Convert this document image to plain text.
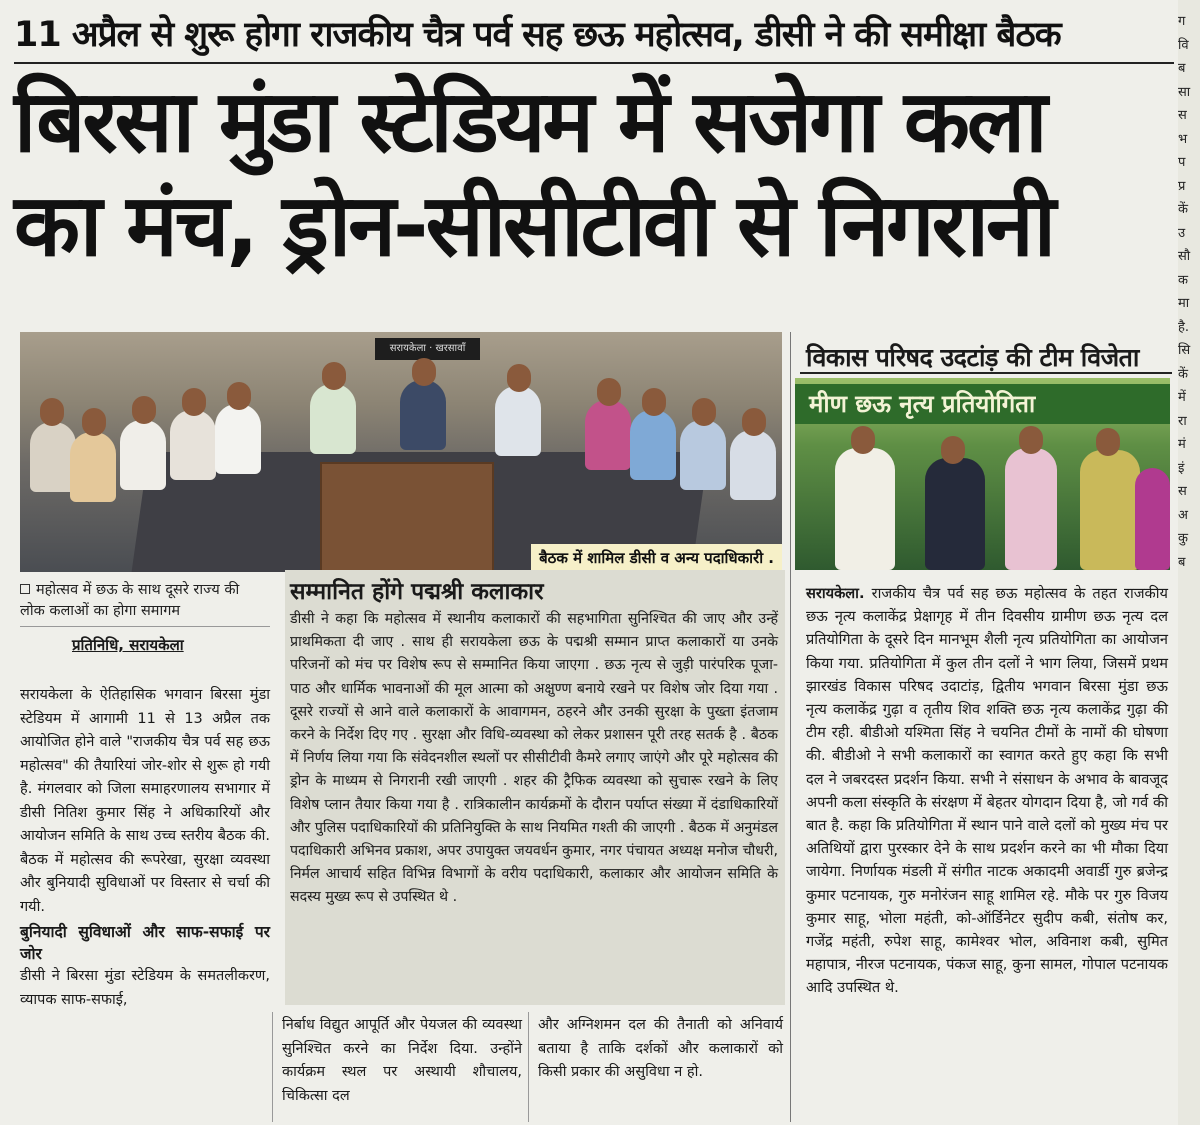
11 अप्रैल से शुरू होगा राजकीय चैत्र पर्व सह छऊ महोत्सव, डीसी ने की समीक्षा बैठक
बिरसा मुंडा स्टेडियम में सजेगा कला
का मंच, ड्रोन-सीसीटीवी से निगरानी
सरायकेला · खरसावाँ
बैठक में शामिल डीसी व अन्य पदाधिकारी .
विकास परिषद उदटांड़ की टीम विजेता
मीण छऊ नृत्य प्रतियोगिता

सरायकेला. राजकीय चैत्र पर्व सह छऊ महोत्सव के तहत राजकीय छऊ नृत्य कलाकेंद्र प्रेक्षागृह में तीन दिवसीय ग्रामीण छऊ नृत्य दल प्रतियोगिता के दूसरे दिन मानभूम शैली नृत्य प्रतियोगिता का आयोजन किया गया. प्रतियोगिता में कुल तीन दलों ने भाग लिया, जिसमें प्रथम झारखंड विकास परिषद उदाटांड़, द्वितीय भगवान बिरसा मुंडा छऊ नृत्य कलाकेंद्र गुढ़ा व तृतीय शिव शक्ति छऊ नृत्य कलाकेंद्र गुढ़ा की टीम रही. बीडीओ यश्मिता सिंह ने चयनित टीमों के नामों की घोषणा की. बीडीओ ने सभी कलाकारों का स्वागत करते हुए कहा कि सभी दल ने जबरदस्त प्रदर्शन किया. सभी ने संसाधन के अभाव के बावजूद अपनी कला संस्कृति के संरक्षण में बेहतर योगदान दिया है, जो गर्व की बात है. कहा कि प्रतियोगिता में स्थान पाने वाले दलों को मुख्य मंच पर अतिथियों द्वारा पुरस्कार देने के साथ प्रदर्शन करने का भी मौका दिया जायेगा. निर्णायक मंडली में संगीत नाटक अकादमी अवार्डी गुरु ब्रजेन्द्र कुमार पटनायक, गुरु मनोरंजन साहू शामिल रहे. मौके पर गुरु विजय कुमार साहू, भोला महंती, को-ऑर्डिनेटर सुदीप कबी, संतोष कर, गजेंद्र महंती, रुपेश साहू, कामेश्वर भोल, अविनाश कबी, सुमित महापात्र, नीरज पटनायक, पंकज साहू, कुना सामल, गोपाल पटनायक आदि उपस्थित थे.

महोत्सव में छऊ के साथ दूसरे राज्य की लोक कलाओं का होगा समागम
प्रतिनिधि, सरायकेला

सरायकेला के ऐतिहासिक भगवान बिरसा मुंडा स्टेडियम में आगामी 11 से 13 अप्रैल तक आयोजित होने वाले "राजकीय चैत्र पर्व सह छऊ महोत्सव" की तैयारियां जोर-शोर से शुरू हो गयी है. मंगलवार को जिला समाहरणालय सभागार में डीसी नितिश कुमार सिंह ने अधिकारियों और आयोजन समिति के साथ उच्च स्तरीय बैठक की. बैठक में महोत्सव की रूपरेखा, सुरक्षा व्यवस्था और बुनियादी सुविधाओं पर विस्तार से चर्चा की गयी.

बुनियादी सुविधाओं और साफ-सफाई पर जोर

डीसी ने बिरसा मुंडा स्टेडियम के समतलीकरण, व्यापक साफ-सफाई,

सम्मानित होंगे पद्मश्री कलाकार

डीसी ने कहा कि महोत्सव में स्थानीय कलाकारों की सहभागिता सुनिश्चित की जाए और उन्हें प्राथमिकता दी जाए . साथ ही सरायकेला छऊ के पद्मश्री सम्मान प्राप्त कलाकारों या उनके परिजनों को मंच पर विशेष रूप से सम्मानित किया जाएगा . छऊ नृत्य से जुड़ी पारंपरिक पूजा-पाठ और धार्मिक भावनाओं की मूल आत्मा को अक्षुण्ण बनाये रखने पर विशेष जोर दिया गया . दूसरे राज्यों से आने वाले कलाकारों के आवागमन, ठहरने और उनकी सुरक्षा के पुख्ता इंतजाम करने के निर्देश दिए गए . सुरक्षा और विधि-व्यवस्था को लेकर प्रशासन पूरी तरह सतर्क है . बैठक में निर्णय लिया गया कि संवेदनशील स्थलों पर सीसीटीवी कैमरे लगाए जाएंगे और पूरे महोत्सव की ड्रोन के माध्यम से निगरानी रखी जाएगी . शहर की ट्रैफिक व्यवस्था को सुचारू रखने के लिए विशेष प्लान तैयार किया गया है . रात्रिकालीन कार्यक्रमों के दौरान पर्याप्त संख्या में दंडाधिकारियों और पुलिस पदाधिकारियों की प्रतिनियुक्ति के साथ नियमित गश्ती की जाएगी . बैठक में अनुमंडल पदाधिकारी अभिनव प्रकाश, अपर उपायुक्त जयवर्धन कुमार, नगर पंचायत अध्यक्ष मनोज चौधरी, निर्मल आचार्य सहित विभिन्न विभागों के वरीय पदाधिकारी, कलाकार और आयोजन समिति के सदस्य मुख्य रूप से उपस्थित थे .

निर्बाध विद्युत आपूर्ति और पेयजल की व्यवस्था सुनिश्चित करने का निर्देश दिया. उन्होंने कार्यक्रम स्थल पर अस्थायी शौचालय, चिकित्सा दल

और अग्निशमन दल की तैनाती को अनिवार्य बताया है ताकि दर्शकों और कलाकारों को किसी प्रकार की असुविधा न हो.

ग वि ब सा स भ प प्र कें उ सौ क मा है. सि कें में रा मं इं स अ कु ब
